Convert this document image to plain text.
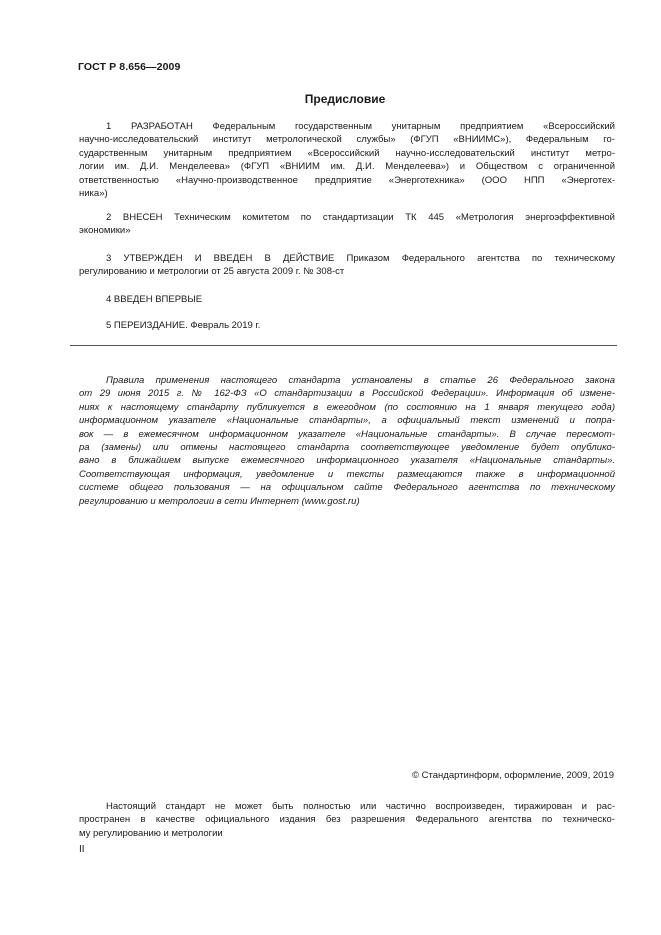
ГОСТ Р 8.656—2009
Предисловие
1 РАЗРАБОТАН Федеральным государственным унитарным предприятием «Всероссийский
научно-исследовательский институт метрологической службы» (ФГУП «ВНИИМС»), Федеральным го-
сударственным унитарным предприятием «Всероссийский научно-исследовательский институт метро-
логии им. Д.И. Менделеева» (ФГУП «ВНИИМ им. Д.И. Менделеева») и Обществом с ограниченной
ответственностью «Научно-производственное предприятие «Энерготехника» (ООО НПП «Энерготех-
ника»)
2 ВНЕСЕН Техническим комитетом по стандартизации ТК 445 «Метрология энергоэффективной
экономики»
3 УТВЕРЖДЕН И ВВЕДЕН В ДЕЙСТВИЕ Приказом Федерального агентства по техническому
регулированию и метрологии от 25 августа 2009 г. № 308-ст
4 ВВЕДЕН ВПЕРВЫЕ
5 ПЕРЕИЗДАНИЕ. Февраль 2019 г.
Правила применения настоящего стандарта установлены в статье 26 Федерального закона
от 29 июня 2015 г. № 162-ФЗ «О стандартизации в Российской Федерации». Информация об измене-
ниях к настоящему стандарту публикуется в ежегодном (по состоянию на 1 января текущего года)
информационном указателе «Национальные стандарты», а официальный текст изменений и попра-
вок — в ежемесячном информационном указателе «Национальные стандарты». В случае пересмот-
ра (замены) или отмены настоящего стандарта соответствующее уведомление будет опублико-
вано в ближайшем выпуске ежемесячного информационного указателя «Национальные стандарты».
Соответствующая информация, уведомление и тексты размещаются также в информационной
системе общего пользования — на официальном сайте Федерального агентства по техническому
регулированию и метрологии в сети Интернет (www.gost.ru)
© Стандартинформ, оформление, 2009, 2019
Настоящий стандарт не может быть полностью или частично воспроизведен, тиражирован и рас-
пространен в качестве официального издания без разрешения Федерального агентства по техническо-
му регулированию и метрологии
II
